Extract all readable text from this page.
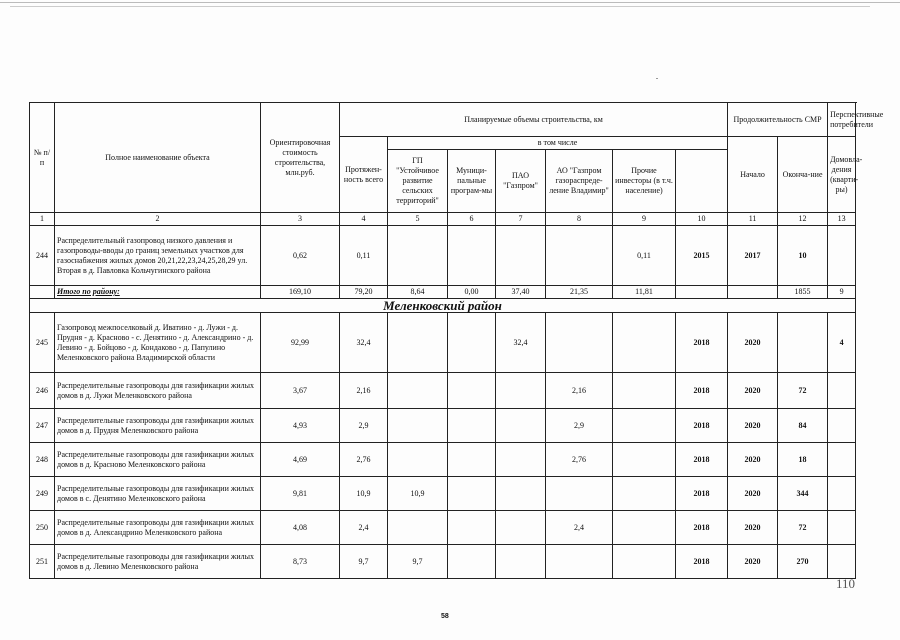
№ п/п	Полное наименование объекта	Ориентировочная стоимость строительства, млн.руб.	Планируемые объемы строительства, км							Продолжительность СМР		Перспективные потребители	
			Протяжен-ность всего	в том числе						Начало	Оконча-ние	Домовла-дения (кварти-ры)	
				ГП "Устойчивое развитие сельских территорий"	Муници-пальные програм-мы	ПАО "Газпром"	АО "Газпром газораспреде-ление Владимир"	Прочие инвесторы (в т.ч. население)					
1	2	3	4	5	6	7	8	9	10	11	12	13	
244	Распределительный газопровод низкого давления и газопроводы-вводы до границ земельных участков для газоснабжения жилых домов 20,21,22,23,24,25,28,29 ул. Вторая в д. Павловка Кольчугинского района	0,62	0,11					0,11	2015	2017	10		
	Итого по району:	169,10	79,20	8,64	0,00	37,40	21,35	11,81			1855	9	
Меленковский район													
245	Газопровод межпоселковый д. Иватино - д. Лужи - д. Прудня - д. Красново - с. Денятино - д. Александрино - д. Левино - д. Бойцово - д. Кондаково - д. Папулино Меленковского района Владимирской области	92,99	32,4			32,4			2018	2020		4	
246	Распределительные газопроводы для газификации жилых домов в д. Лужи Меленковского района	3,67	2,16				2,16		2018	2020	72		
247	Распределительные газопроводы для газификации жилых домов в д. Прудня Меленковского района	4,93	2,9				2,9		2018	2020	84		
248	Распределительные газопроводы для газификации жилых домов в д. Красново Меленковского района	4,69	2,76				2,76		2018	2020	18		
249	Распределительные газопроводы для газификации жилых домов в с. Денятино Меленковского района	9,81	10,9	10,9					2018	2020	344		
250	Распределительные газопроводы для газификации жилых домов в д. Александрино Меленковского района	4,08	2,4				2,4		2018	2020	72		
251	Распределительные газопроводы для газификации жилых домов в д. Левино Меленковского района	8,73	9,7	9,7					2018	2020	270		
110
58
